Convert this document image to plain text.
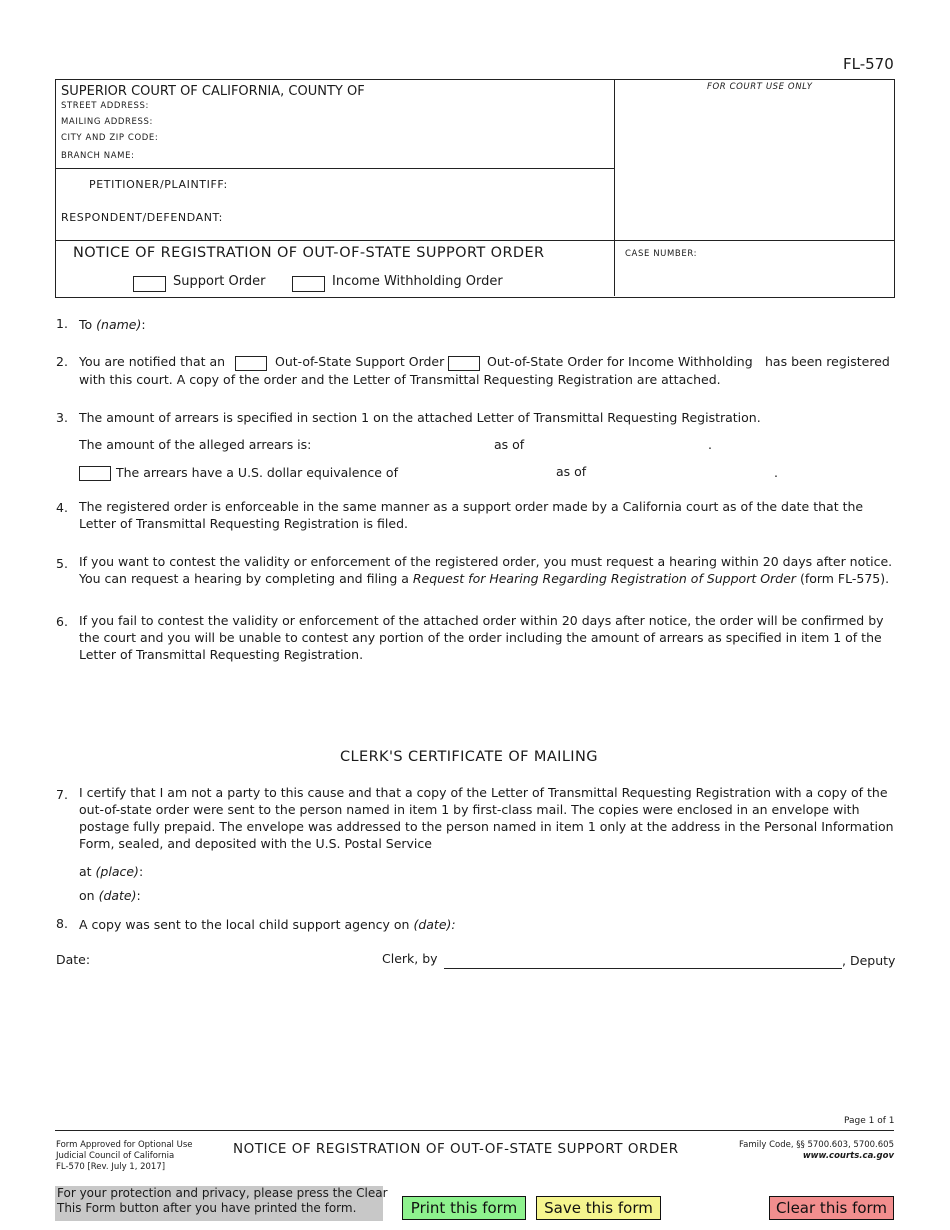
FL-570
SUPERIOR COURT OF CALIFORNIA, COUNTY OF
STREET ADDRESS:
MAILING ADDRESS:
CITY AND ZIP CODE:
BRANCH NAME:
FOR COURT USE ONLY
PETITIONER/PLAINTIFF:
RESPONDENT/DEFENDANT:
NOTICE OF REGISTRATION OF OUT-OF-STATE SUPPORT ORDER
Support Order	Income Withholding Order
CASE NUMBER:
1. To (name):
2. You are notified that an	Out-of-State Support Order	Out-of-State Order for Income Withholding has been registered
with this court. A copy of the order and the Letter of Transmittal Requesting Registration are attached.
3. The amount of arrears is specified in section 1 on the attached Letter of Transmittal Requesting Registration.
The amount of the alleged arrears is:	as of	.
The arrears have a U.S. dollar equivalence of	as of	.
4. The registered order is enforceable in the same manner as a support order made by a California court as of the date that the Letter of Transmittal Requesting Registration is filed.
5. If you want to contest the validity or enforcement of the registered order, you must request a hearing within 20 days after notice.
You can request a hearing by completing and filing a Request for Hearing Regarding Registration of Support Order (form FL-575).
6. If you fail to contest the validity or enforcement of the attached order within 20 days after notice, the order will be confirmed by the court and you will be unable to contest any portion of the order including the amount of arrears as specified in item 1 of the Letter of Transmittal Requesting Registration.
CLERK'S CERTIFICATE OF MAILING
7. I certify that I am not a party to this cause and that a copy of the Letter of Transmittal Requesting Registration with a copy of the out-of-state order were sent to the person named in item 1 by first-class mail. The copies were enclosed in an envelope with postage fully prepaid. The envelope was addressed to the person named in item 1 only at the address in the Personal Information Form, sealed, and deposited with the U.S. Postal Service
at (place):
on (date):
8. A copy was sent to the local child support agency on (date):
Date:	Clerk, by	, Deputy
Page 1 of 1
Form Approved for Optional Use
Judicial Council of California
FL-570 [Rev. July 1, 2017]
NOTICE OF REGISTRATION OF OUT-OF-STATE SUPPORT ORDER	Family Code, §§ 5700.603, 5700.605
www.courts.ca.gov
For your protection and privacy, please press the Clear
This Form button after you have printed the form.	Print this form	Save this form	Clear this form
